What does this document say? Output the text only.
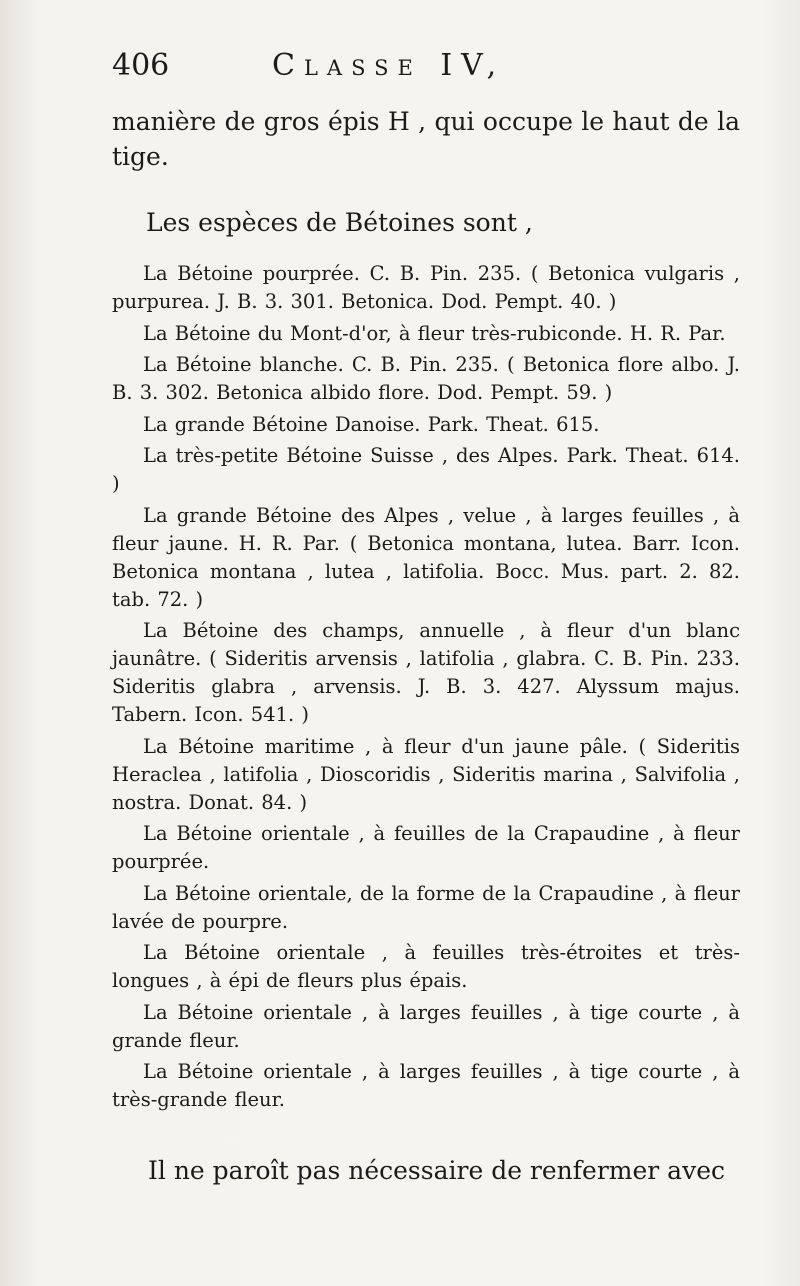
406	Classe IV,

manière de gros épis H , qui occupe le haut de la tige.

Les espèces de Bétoines sont ,

La Bétoine pourprée. C. B. Pin. 235. ( Betonica vulgaris , purpurea. J. B. 3. 301. Betonica. Dod. Pempt. 40. )

La Bétoine du Mont-d'or, à fleur très-rubiconde. H. R. Par.

La Bétoine blanche. C. B. Pin. 235. ( Betonica flore albo. J. B. 3. 302. Betonica albido flore. Dod. Pempt. 59. )

La grande Bétoine Danoise. Park. Theat. 615.

La très-petite Bétoine Suisse , des Alpes. Park. Theat. 614. )

La grande Bétoine des Alpes , velue , à larges feuilles , à fleur jaune. H. R. Par. ( Betonica montana, lutea. Barr. Icon. Betonica montana , lutea , latifolia. Bocc. Mus. part. 2. 82. tab. 72. )

La Bétoine des champs, annuelle , à fleur d'un blanc jaunâtre. ( Sideritis arvensis , latifolia , glabra. C. B. Pin. 233. Sideritis glabra , arvensis. J. B. 3. 427. Alyssum majus. Tabern. Icon. 541. )

La Bétoine maritime , à fleur d'un jaune pâle. ( Sideritis Heraclea , latifolia , Dioscoridis , Sideritis marina , Salvifolia , nostra. Donat. 84. )

La Bétoine orientale , à feuilles de la Crapaudine , à fleur pourprée.

La Bétoine orientale, de la forme de la Crapaudine , à fleur lavée de pourpre.

La Bétoine orientale , à feuilles très-étroites et très-longues , à épi de fleurs plus épais.

La Bétoine orientale , à larges feuilles , à tige courte , à grande fleur.

La Bétoine orientale , à larges feuilles , à tige courte , à très-grande fleur.

Il ne paroît pas nécessaire de renfermer avec
